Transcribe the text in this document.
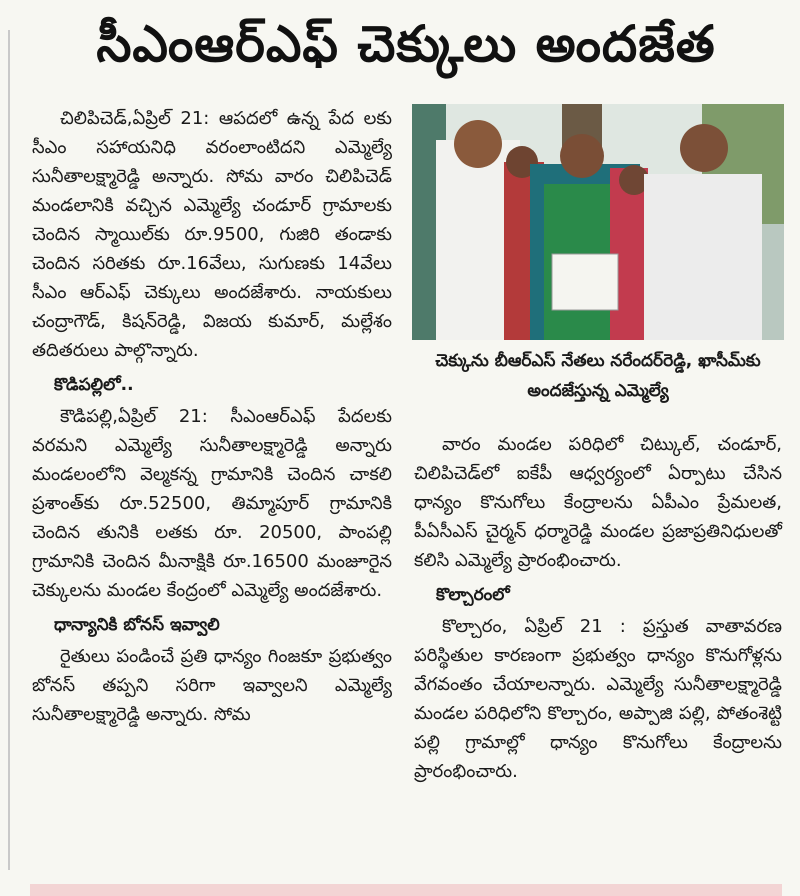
సీఎంఆర్‌ఎఫ్ చెక్కులు అందజేత

చిలిపిచెడ్,ఏప్రిల్ 21: ఆపదలో ఉన్న పేద లకు సీఎం సహాయనిధి వరంలాంటిదని ఎమ్మెల్యే సునీతాలక్ష్మారెడ్డి అన్నారు. సోమ వారం చిలిపిచెడ్ మండలానికి వచ్చిన ఎమ్మెల్యే చండూర్ గ్రామాలకు చెందిన స్మాయిల్‌కు రూ.9500, గుజిరి తండాకు చెందిన సరితకు రూ.16వేలు, సుగుణకు 14వేలు సీఎం ఆర్‌ఎఫ్ చెక్కులు అందజేశారు. నాయకులు చంద్రాగౌడ్, కిషన్‌రెడ్డి, విజయ కుమార్, మల్లేశం తదితరులు పాల్గొన్నారు.

కొడిపల్లిలో..

కౌడిపల్లి,ఏప్రిల్ 21: సీఎంఆర్‌ఎఫ్ పేదలకు వరమని ఎమ్మెల్యే సునీతాలక్ష్మారెడ్డి అన్నారు మండలంలోని వెల్మకన్న గ్రామానికి చెందిన చాకలి ప్రశాంత్‌కు రూ.52500, తిమ్మాపూర్ గ్రామానికి చెందిన తునికి లతకు రూ. 20500, పాంపల్లి గ్రామానికి చెందిన మీనాక్షికి రూ.16500 మంజూరైన చెక్కులను మండల కేంద్రంలో ఎమ్మెల్యే అందజేశారు.

ధాన్యానికి బోనస్ ఇవ్వాలి

రైతులు పండించే ప్రతి ధాన్యం గింజకూ ప్రభుత్వం బోనస్ తప్పని సరిగా ఇవ్వాలని ఎమ్మెల్యే సునీతాలక్ష్మారెడ్డి అన్నారు. సోమ

చెక్కును బీఆర్‌ఎస్ నేతలు నరేందర్‌రెడ్డి, ఖాసీమ్‌కు అందజేస్తున్న ఎమ్మెల్యే

వారం మండల పరిధిలో చిట్కుల్, చండూర్, చిలిపిచెడ్‌లో ఐకేపీ ఆధ్వర్యంలో ఏర్పాటు చేసిన ధాన్యం కొనుగోలు కేంద్రాలను ఏపీఎం ప్రేమలత, పీఏసీఎస్ చైర్మన్ ధర్మారెడ్డి మండల ప్రజాప్రతినిధులతో కలిసి ఎమ్మెల్యే ప్రారంభించారు.

కొల్చారంలో

కొల్చారం, ఏప్రిల్ 21 : ప్రస్తుత వాతావరణ పరిస్థితుల కారణంగా ప్రభుత్వం ధాన్యం కొనుగోళ్లను వేగవంతం చేయాలన్నారు. ఎమ్మెల్యే సునీతాలక్ష్మారెడ్డి మండల పరిధిలోని కొల్చారం, అప్పాజి పల్లి, పోతంశెట్టి పల్లి గ్రామాల్లో ధాన్యం కొనుగోలు కేంద్రాలను ప్రారంభించారు.
